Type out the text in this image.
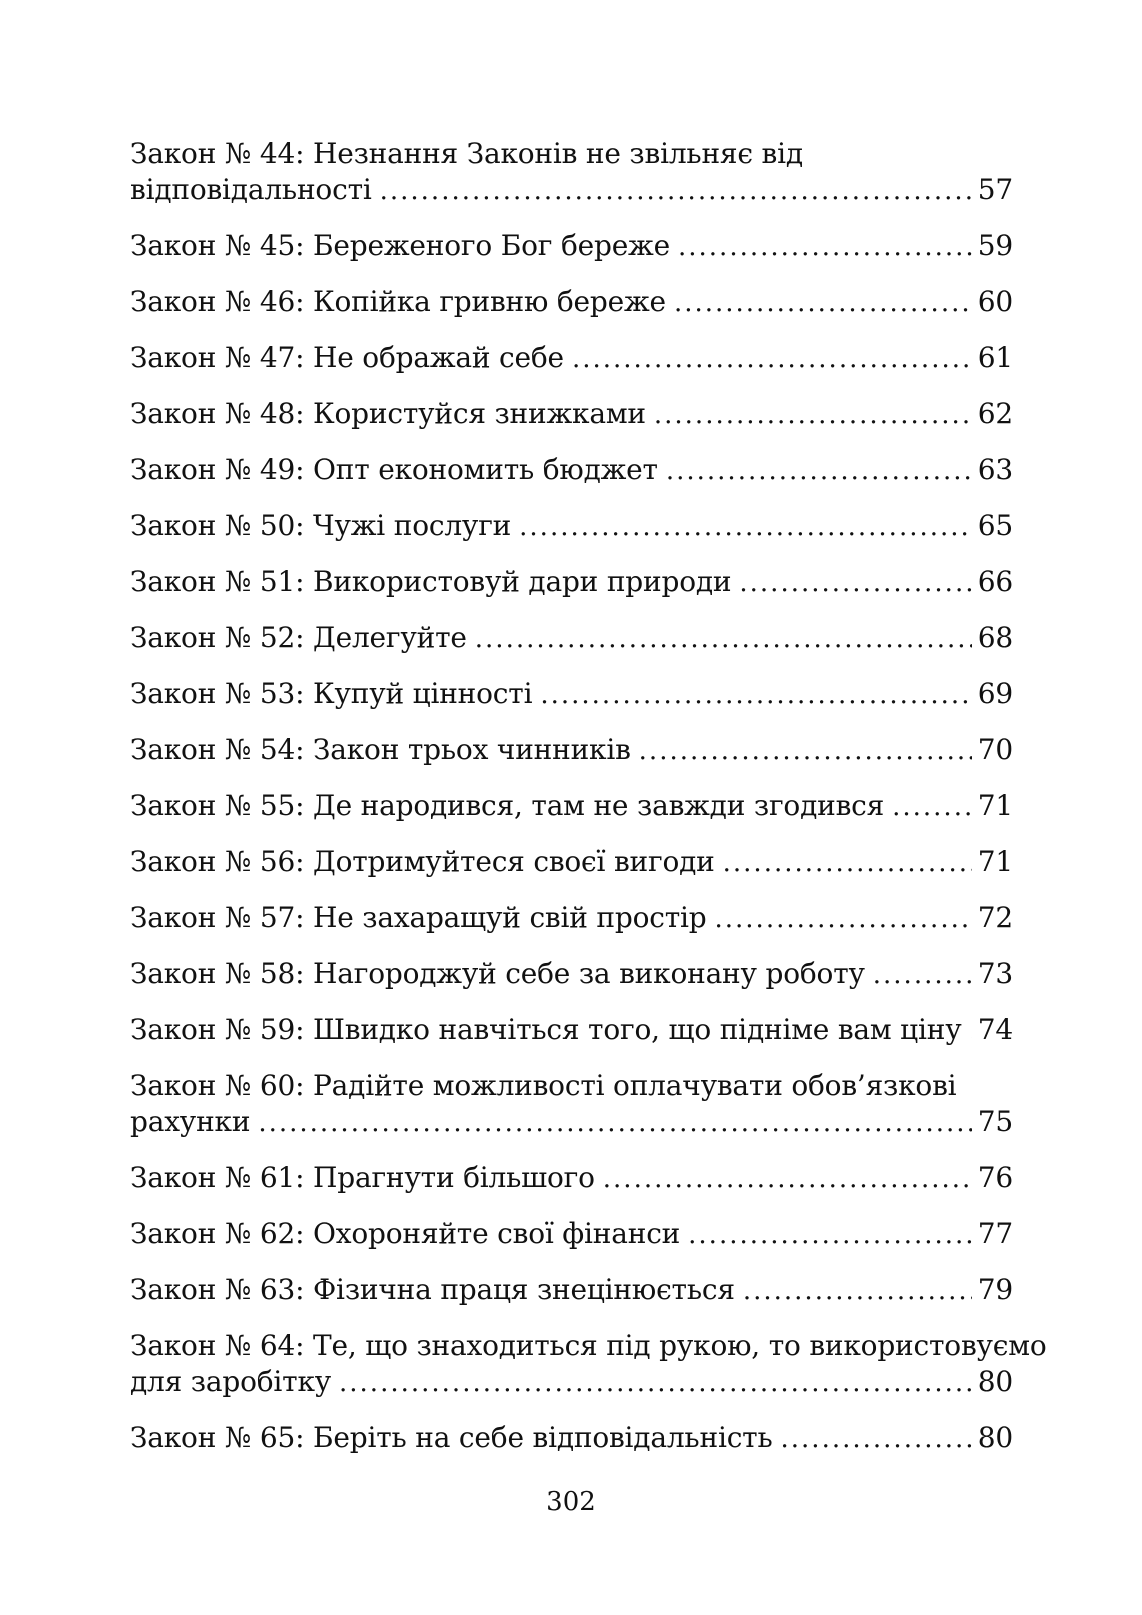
Закон № 44: Незнання Законів не звільняє від
відповідальності .....	57
Закон № 45: Береженого Бог береже .....	59
Закон № 46: Копійка гривню береже .....	60
Закон № 47: Не ображай себе .....	61
Закон № 48: Користуйся знижками .....	62
Закон № 49: Опт економить бюджет .....	63
Закон № 50: Чужі послуги .....	65
Закон № 51: Використовуй дари природи .....	66
Закон № 52: Делегуйте .....	68
Закон № 53: Купуй цінності .....	69
Закон № 54: Закон трьох чинників .....	70
Закон № 55: Де народився, там не завжди згодився .....	71
Закон № 56: Дотримуйтеся своєї вигоди .....	71
Закон № 57: Не захаращуй свій простір .....	72
Закон № 58: Нагороджуй себе за виконану роботу .....	73
Закон № 59: Швидко навчіться того, що підніме вам ціну ..... 74
Закон № 60: Радійте можливості оплачувати обов’язкові
рахунки .....	75
Закон № 61: Прагнути більшого .....	76
Закон № 62: Охороняйте свої фінанси .....	77
Закон № 63: Фізична праця знецінюється .....	79
Закон № 64: Те, що знаходиться під рукою, то використовуємо
для заробітку .....	80
Закон № 65: Беріть на себе відповідальність .....	80
302
